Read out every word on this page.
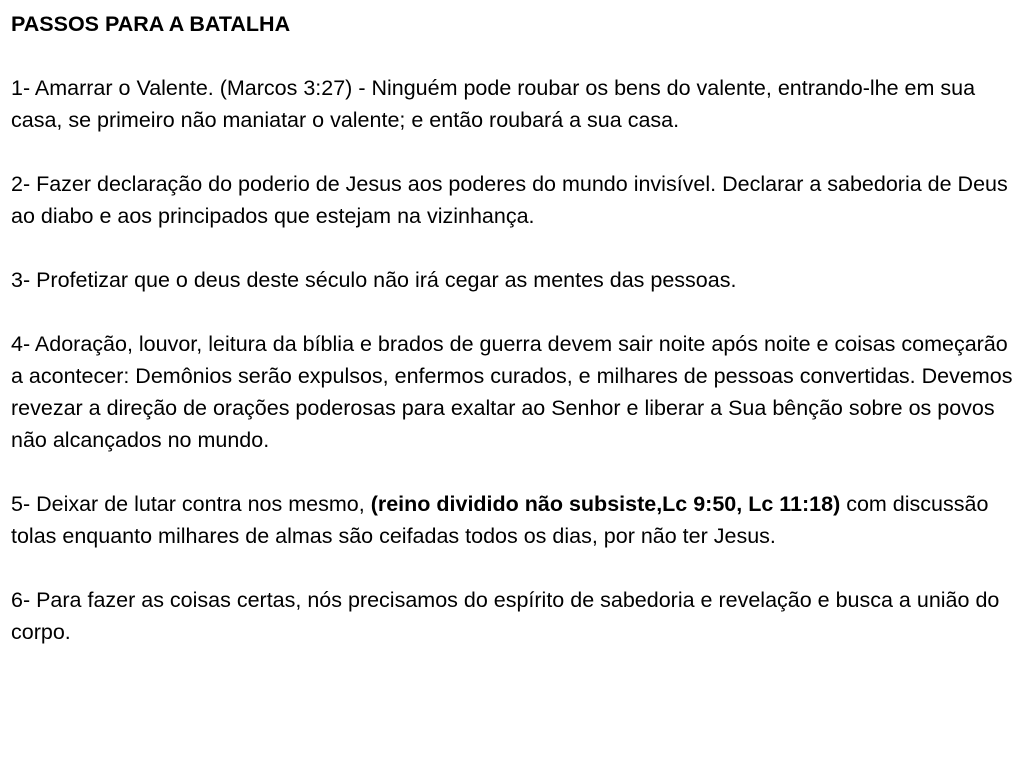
PASSOS PARA A BATALHA

1- Amarrar o Valente. (Marcos 3:27) - Ninguém pode roubar os bens do valente, entrando-lhe em sua casa, se primeiro não maniatar o valente; e então roubará a sua casa.

2- Fazer declaração do poderio de Jesus aos poderes do mundo invisível. Declarar a sabedoria de Deus ao diabo e aos principados que estejam na vizinhança.

3- Profetizar que o deus deste século não irá cegar as mentes das pessoas.

4- Adoração, louvor, leitura da bíblia e brados de guerra devem sair noite após noite e coisas começarão a acontecer: Demônios serão expulsos, enfermos curados, e milhares de pessoas convertidas. Devemos revezar a direção de orações poderosas para exaltar ao Senhor e liberar a Sua bênção sobre os povos não alcançados no mundo.

5- Deixar de lutar contra nos mesmo, (reino dividido não subsiste,Lc 9:50, Lc 11:18) com discussão tolas enquanto milhares de almas são ceifadas todos os dias, por não ter Jesus.

6- Para fazer as coisas certas, nós precisamos do espírito de sabedoria e revelação e busca a união do corpo.
